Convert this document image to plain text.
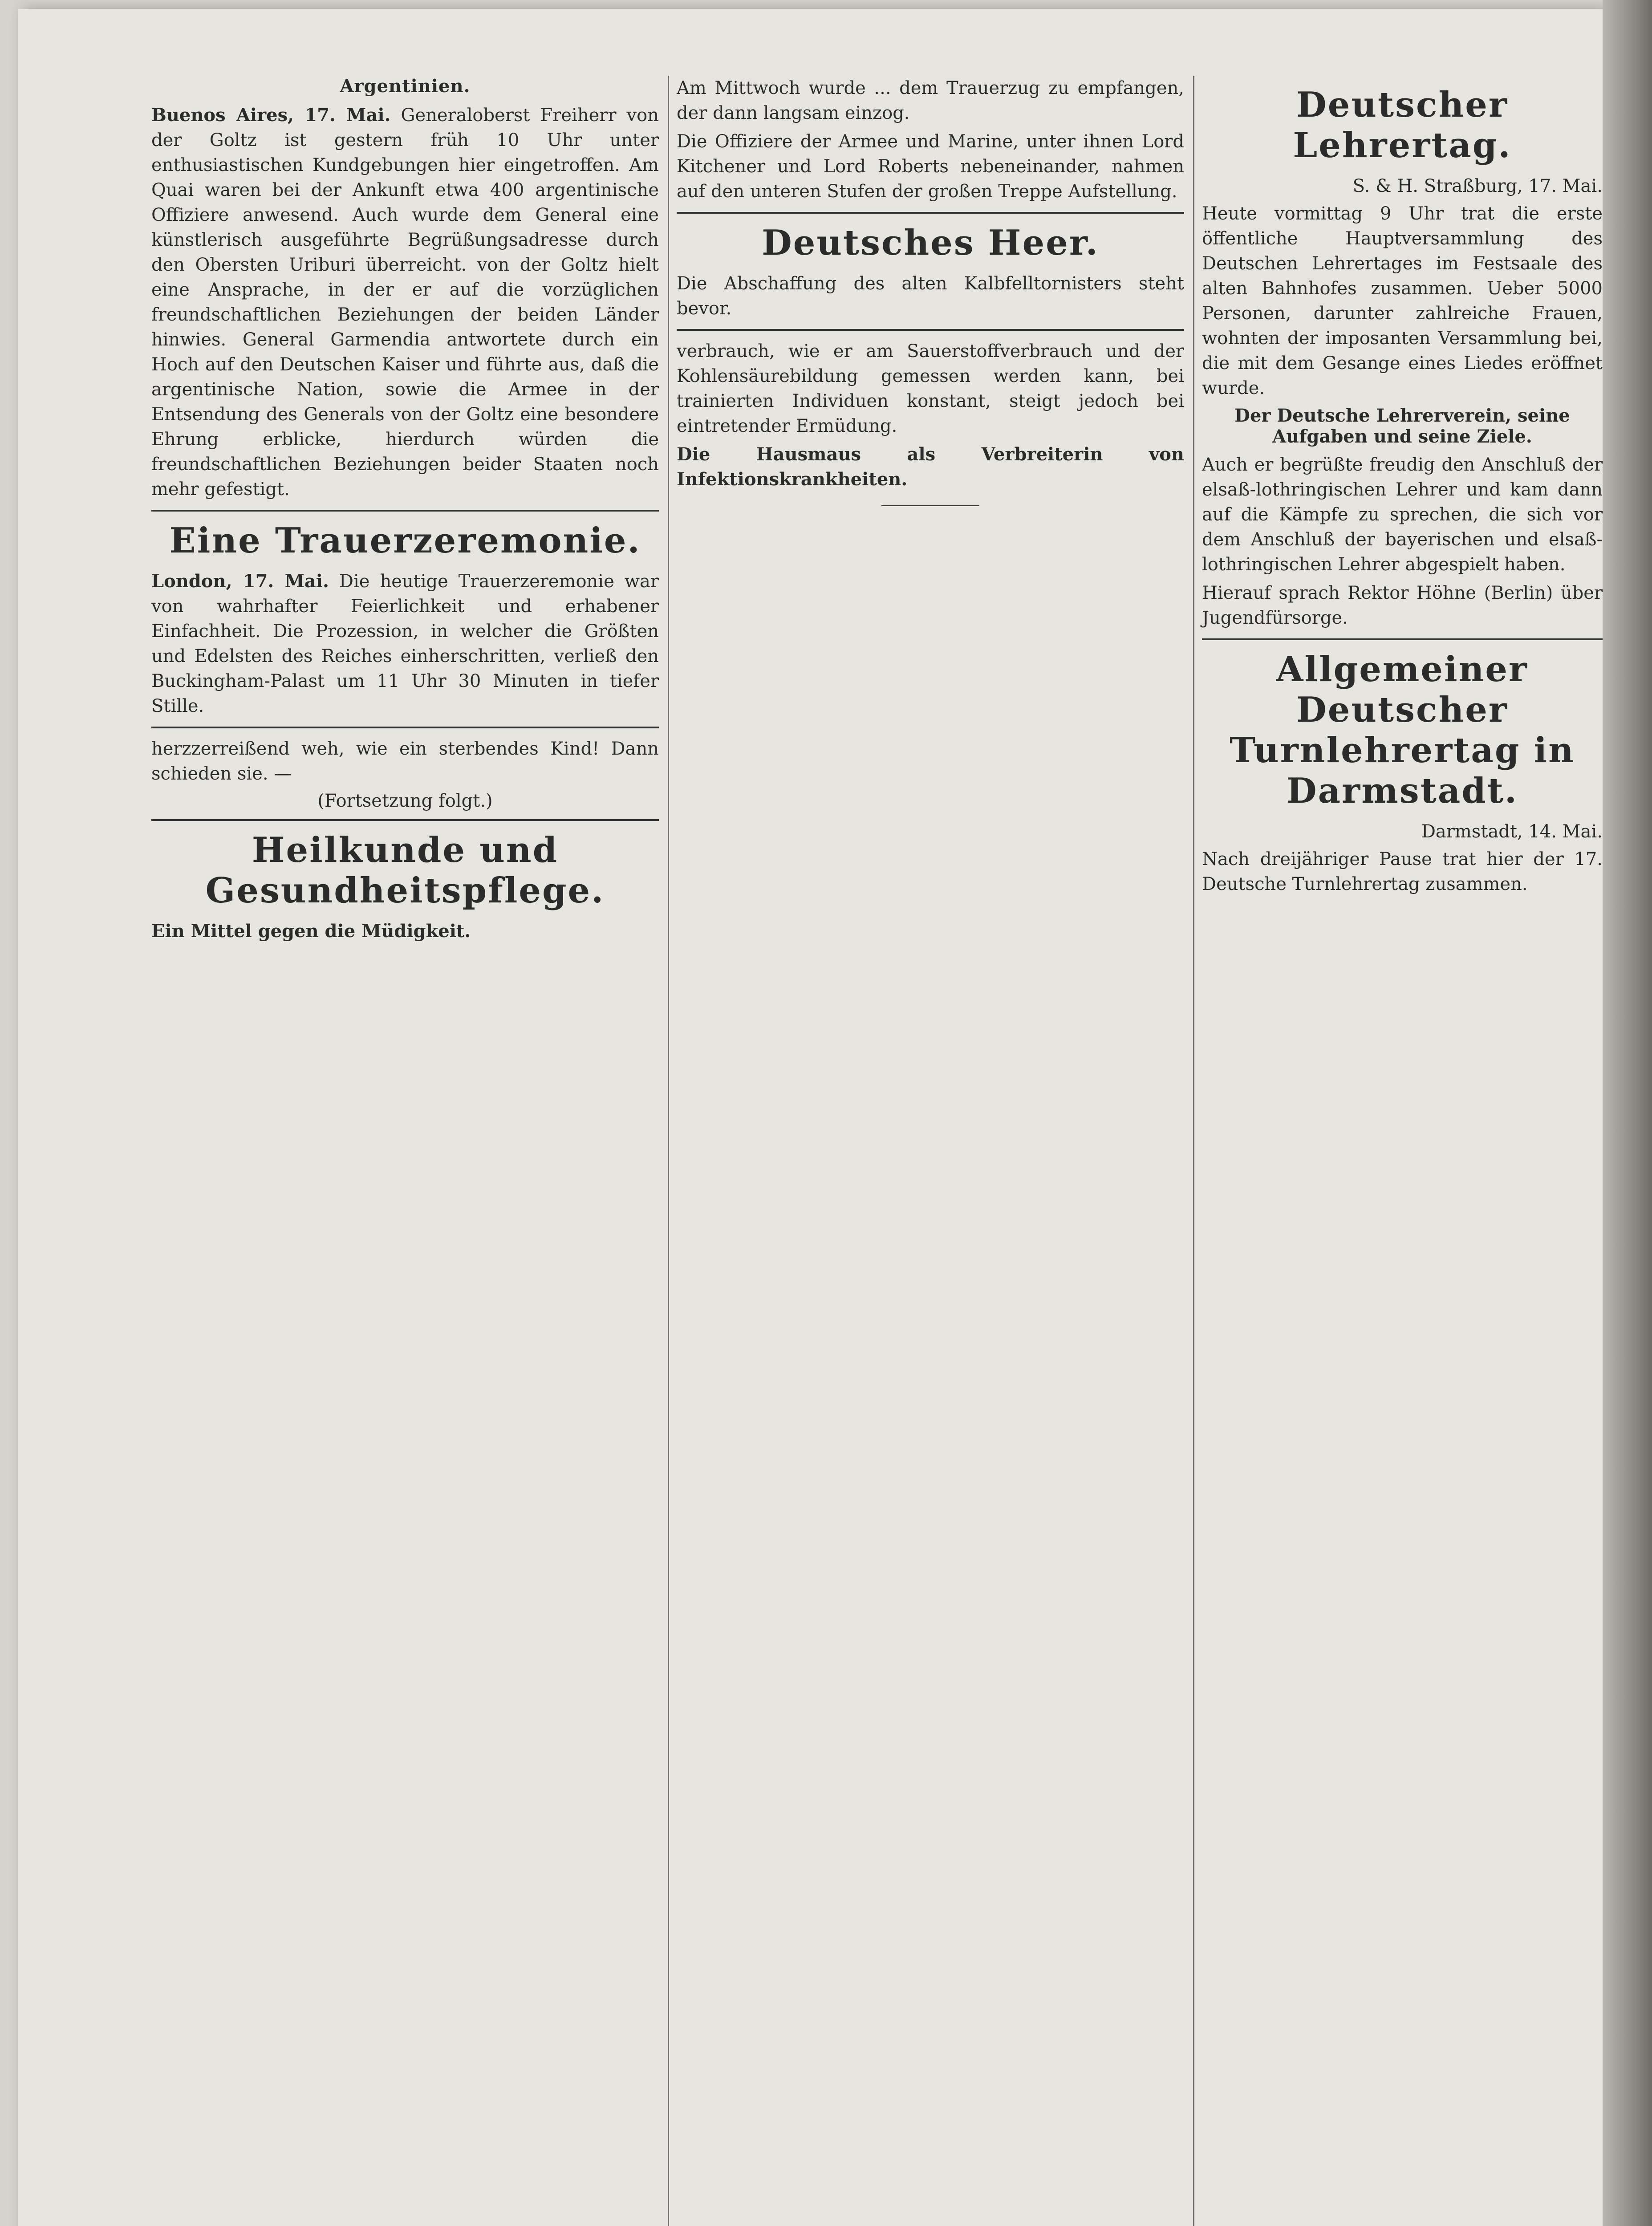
Argentinien.
Buenos Aires, 17. Mai. Generaloberst Freiherr von der Goltz ist gestern früh 10 Uhr unter enthusiastischen Kundgebungen hier eingetroffen. Am Quai waren bei der Ankunft etwa 400 argentinische Offiziere anwesend. Auch wurde dem General eine künstlerisch ausgeführte Begrüßungsadresse durch den Obersten Uriburi überreicht. von der Goltz hielt eine Ansprache, in der er auf die vorzüglichen freundschaftlichen Beziehungen der beiden Länder hinwies. General Garmendia antwortete durch ein Hoch auf den Deutschen Kaiser und führte aus, daß die argentinische Nation, sowie die Armee in der Entsendung des Generals von der Goltz eine besondere Ehrung erblicke, hierdurch würden die freundschaftlichen Beziehungen beider Staaten noch mehr gefestigt.
Eine Trauerzeremonie.
London, 17. Mai. Die heutige Trauerzeremonie war von wahrhafter Feierlichkeit und erhabener Einfachheit. Die Prozession, in welcher die Größten und Edelsten des Reiches einherschritten, verließ den Buckingham-Palast um 11 Uhr 30 Minuten in tiefer Stille.
herzzerreißend weh, wie ein sterbendes Kind! Dann schieden sie. —
(Fortsetzung folgt.)
Heilkunde und Gesundheitspflege.
Ein Mittel gegen die Müdigkeit.
Am Mittwoch wurde ... dem Trauerzug zu empfangen, der dann langsam einzog.
Die Offiziere der Armee und Marine, unter ihnen Lord Kitchener und Lord Roberts nebeneinander, nahmen auf den unteren Stufen der großen Treppe Aufstellung.
Deutsches Heer.
Die Abschaffung des alten Kalbfelltornisters steht bevor.
verbrauch, wie er am Sauerstoffverbrauch und der Kohlensäurebildung gemessen werden kann, bei trainierten Individuen konstant, steigt jedoch bei eintretender Ermüdung.
Die Hausmaus als Verbreiterin von Infektionskrankheiten.
Deutscher Lehrertag.
S. & H. Straßburg, 17. Mai.
Heute vormittag 9 Uhr trat die erste öffentliche Hauptversammlung des Deutschen Lehrertages im Festsaale des alten Bahnhofes zusammen. Ueber 5000 Personen, darunter zahlreiche Frauen, wohnten der imposanten Versammlung bei, die mit dem Gesange eines Liedes eröffnet wurde.
Der Deutsche Lehrerverein, seine Aufgaben und seine Ziele.
Auch er begrüßte freudig den Anschluß der elsaß-lothringischen Lehrer und kam dann auf die Kämpfe zu sprechen, die sich vor dem Anschluß der bayerischen und elsaß-lothringischen Lehrer abgespielt haben.
Hierauf sprach Rektor Höhne (Berlin) über Jugendfürsorge.
Allgemeiner Deutscher Turnlehrertag in Darmstadt.
Darmstadt, 14. Mai.
Nach dreijähriger Pause trat hier der 17. Deutsche Turnlehrertag zusammen.
